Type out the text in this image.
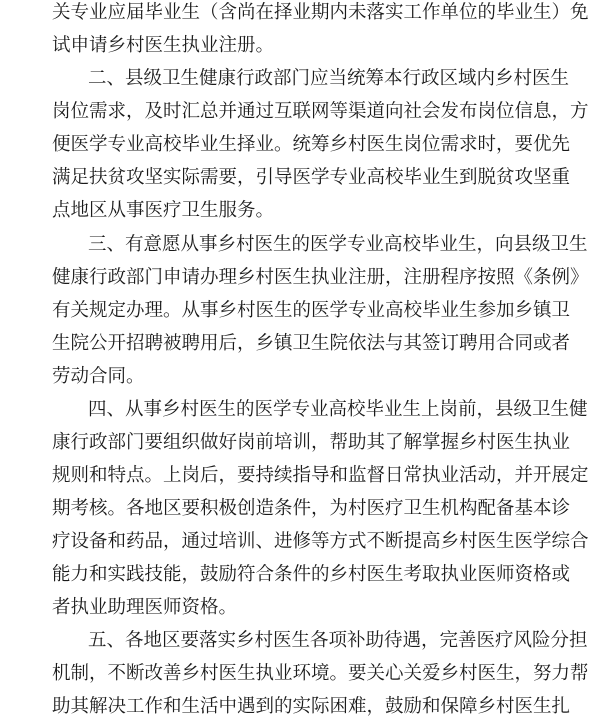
关专业应届毕业生（含尚在择业期内未落实工作单位的毕业生）免
试申请乡村医生执业注册。
二、县级卫生健康行政部门应当统筹本行政区域内乡村医生
岗位需求，及时汇总并通过互联网等渠道向社会发布岗位信息，方
便医学专业高校毕业生择业。统筹乡村医生岗位需求时，要优先
满足扶贫攻坚实际需要，引导医学专业高校毕业生到脱贫攻坚重
点地区从事医疗卫生服务。
三、有意愿从事乡村医生的医学专业高校毕业生，向县级卫生
健康行政部门申请办理乡村医生执业注册，注册程序按照《条例》
有关规定办理。从事乡村医生的医学专业高校毕业生参加乡镇卫
生院公开招聘被聘用后，乡镇卫生院依法与其签订聘用合同或者
劳动合同。
四、从事乡村医生的医学专业高校毕业生上岗前，县级卫生健
康行政部门要组织做好岗前培训，帮助其了解掌握乡村医生执业
规则和特点。上岗后，要持续指导和监督日常执业活动，并开展定
期考核。各地区要积极创造条件，为村医疗卫生机构配备基本诊
疗设备和药品，通过培训、进修等方式不断提高乡村医生医学综合
能力和实践技能，鼓励符合条件的乡村医生考取执业医师资格或
者执业助理医师资格。
五、各地区要落实乡村医生各项补助待遇，完善医疗风险分担
机制，不断改善乡村医生执业环境。要关心关爱乡村医生，努力帮
助其解决工作和生活中遇到的实际困难，鼓励和保障乡村医生扎
